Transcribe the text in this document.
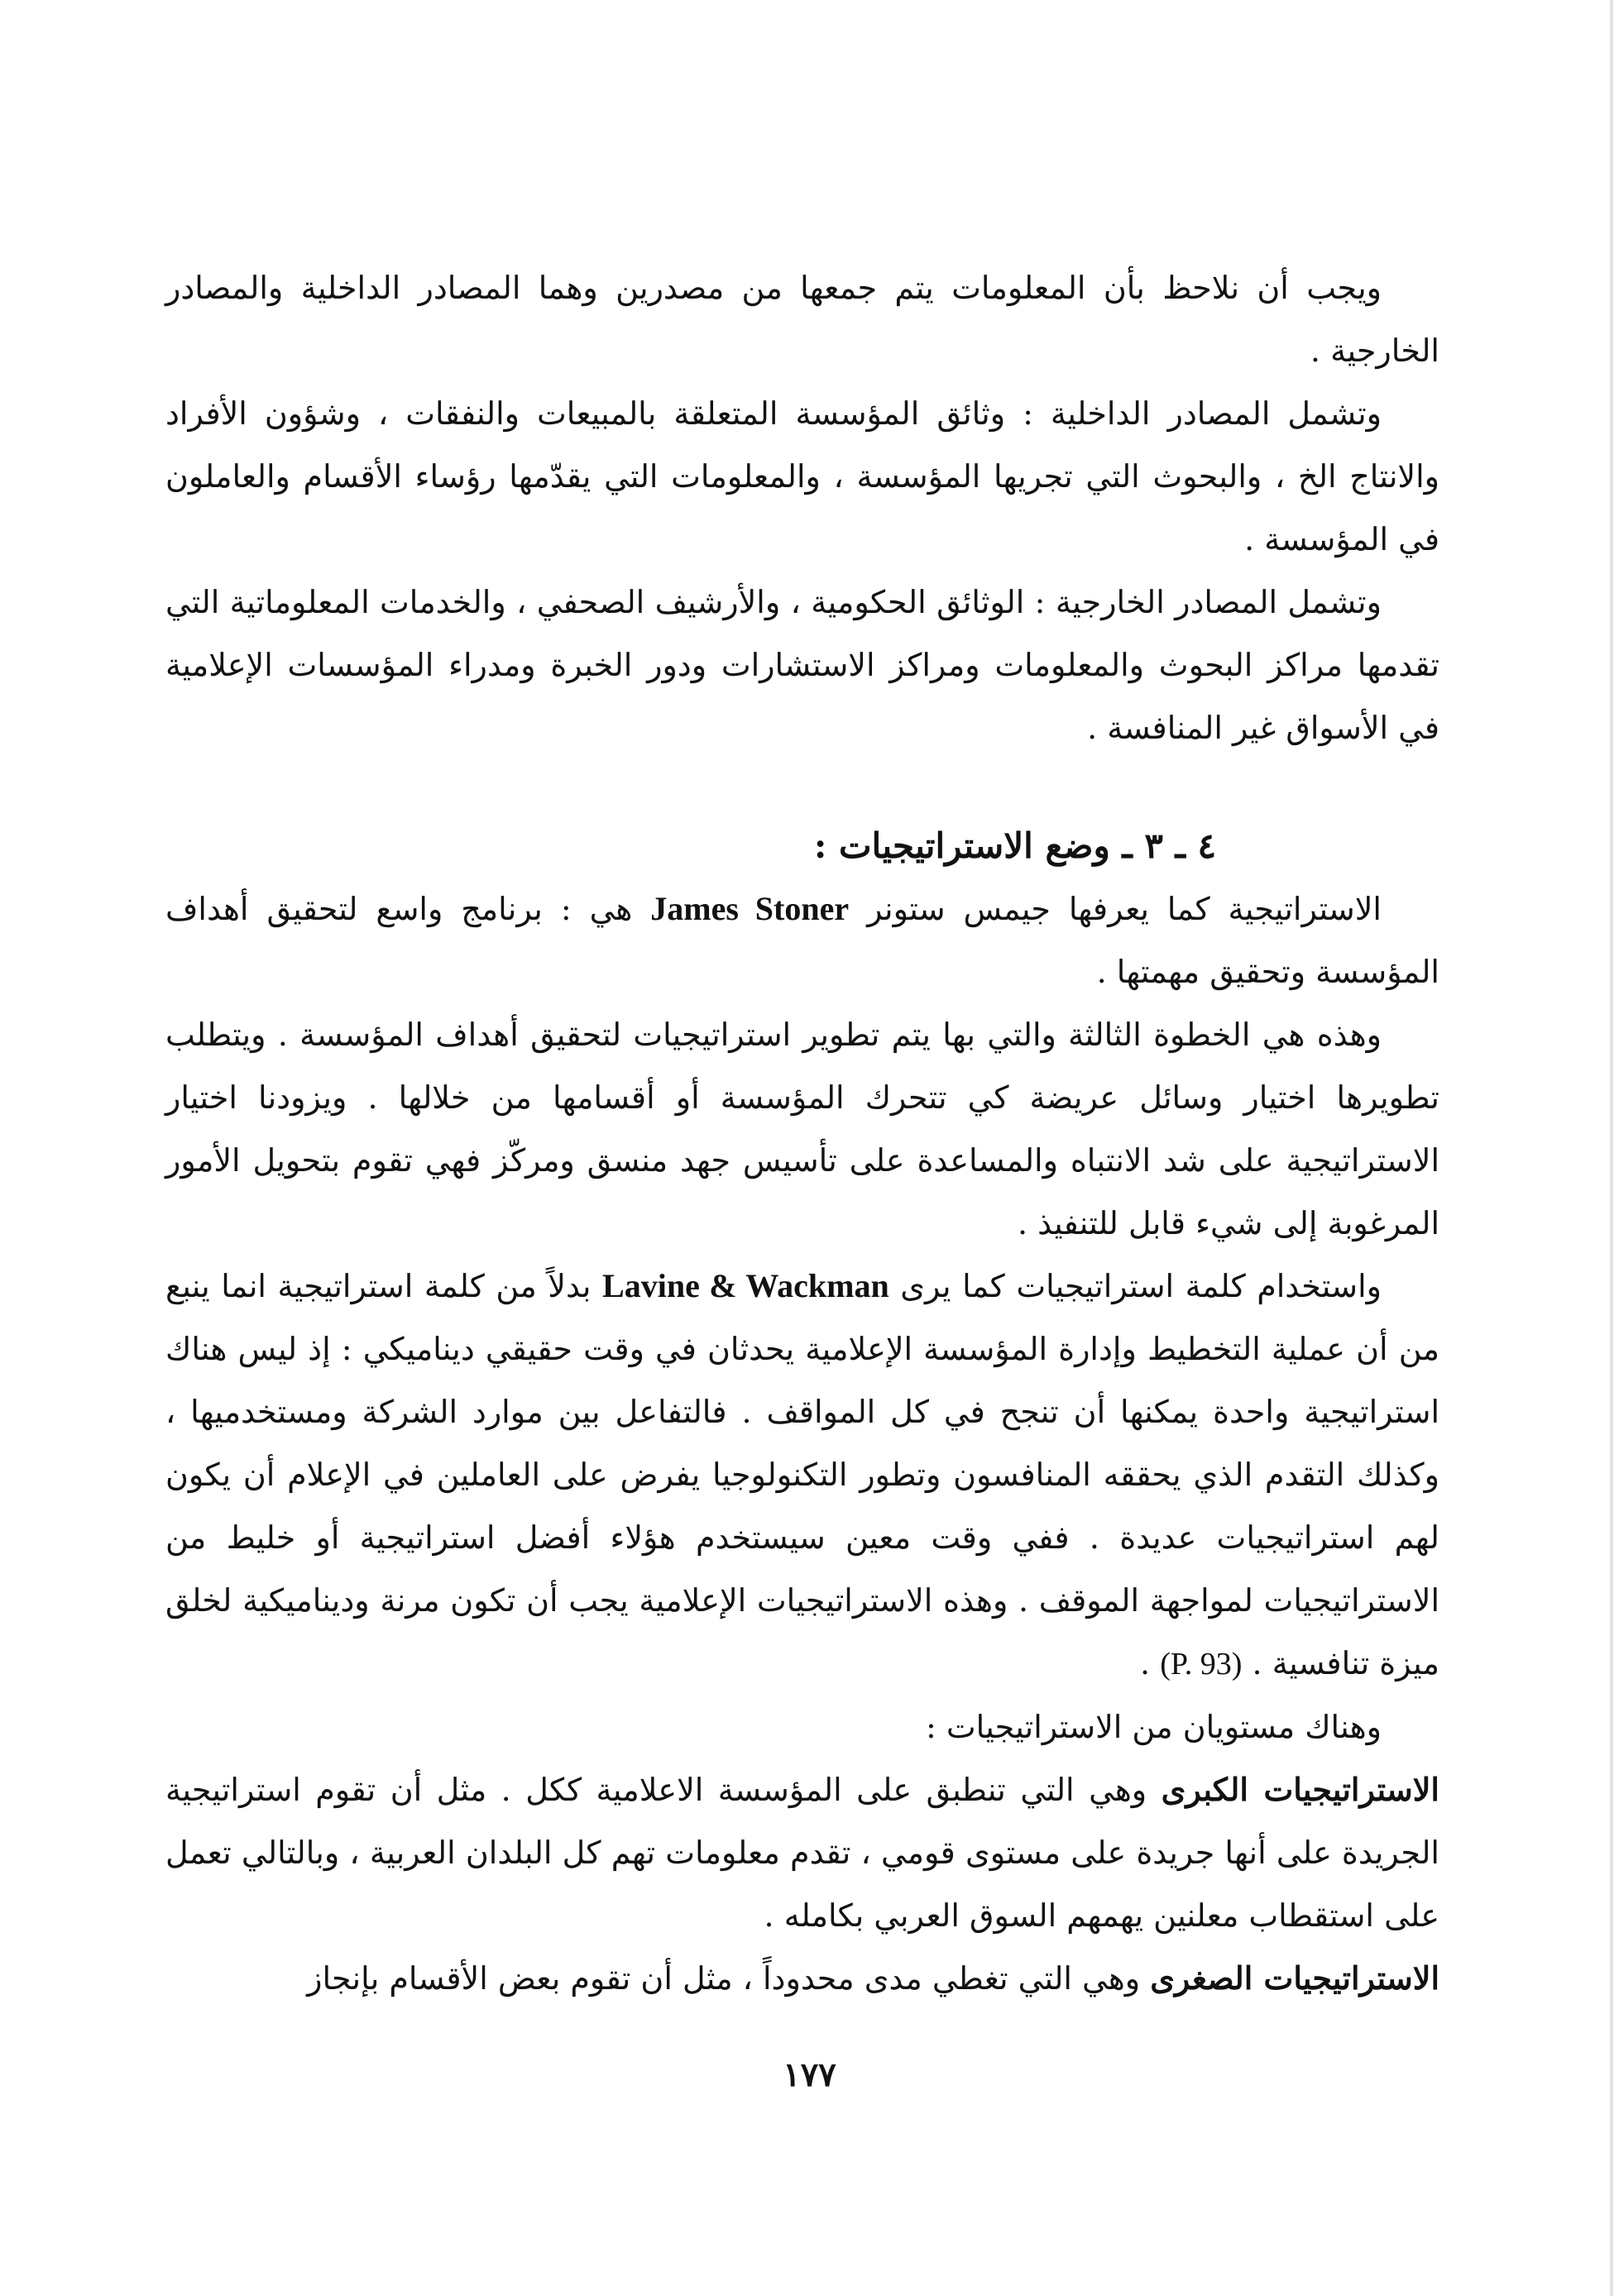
ويجب أن نلاحظ بأن المعلومات يتم جمعها من مصدرين وهما المصادر الداخلية والمصادر الخارجية .

وتشمل المصادر الداخلية : وثائق المؤسسة المتعلقة بالمبيعات والنفقات ، وشؤون الأفراد والانتاج الخ ، والبحوث التي تجريها المؤسسة ، والمعلومات التي يقدّمها رؤساء الأقسام والعاملون في المؤسسة .

وتشمل المصادر الخارجية : الوثائق الحكومية ، والأرشيف الصحفي ، والخدمات المعلوماتية التي تقدمها مراكز البحوث والمعلومات ومراكز الاستشارات ودور الخبرة ومدراء المؤسسات الإعلامية في الأسواق غير المنافسة .

٤ ـ ٣ ـ وضع الاستراتيجيات :

الاستراتيجية كما يعرفها جيمس ستونر James Stoner هي : برنامج واسع لتحقيق أهداف المؤسسة وتحقيق مهمتها .

وهذه هي الخطوة الثالثة والتي بها يتم تطوير استراتيجيات لتحقيق أهداف المؤسسة . ويتطلب تطويرها اختيار وسائل عريضة كي تتحرك المؤسسة أو أقسامها من خلالها . ويزودنا اختيار الاستراتيجية على شد الانتباه والمساعدة على تأسيس جهد منسق ومركّز فهي تقوم بتحويل الأمور المرغوبة إلى شيء قابل للتنفيذ .

واستخدام كلمة استراتيجيات كما يرى Lavine & Wackman بدلاً من كلمة استراتيجية انما ينبع من أن عملية التخطيط وإدارة المؤسسة الإعلامية يحدثان في وقت حقيقي ديناميكي : إذ ليس هناك استراتيجية واحدة يمكنها أن تنجح في كل المواقف . فالتفاعل بين موارد الشركة ومستخدميها ، وكذلك التقدم الذي يحققه المنافسون وتطور التكنولوجيا يفرض على العاملين في الإعلام أن يكون لهم استراتيجيات عديدة . ففي وقت معين سيستخدم هؤلاء أفضل استراتيجية أو خليط من الاستراتيجيات لمواجهة الموقف . وهذه الاستراتيجيات الإعلامية يجب أن تكون مرنة وديناميكية لخلق ميزة تنافسية . (P. 93) .

وهناك مستويان من الاستراتيجيات :

الاستراتيجيات الكبرى وهي التي تنطبق على المؤسسة الاعلامية ككل . مثل أن تقوم استراتيجية الجريدة على أنها جريدة على مستوى قومي ، تقدم معلومات تهم كل البلدان العربية ، وبالتالي تعمل على استقطاب معلنين يهمهم السوق العربي بكامله .

الاستراتيجيات الصغرى وهي التي تغطي مدى محدوداً ، مثل أن تقوم بعض الأقسام بإنجاز

١٧٧
